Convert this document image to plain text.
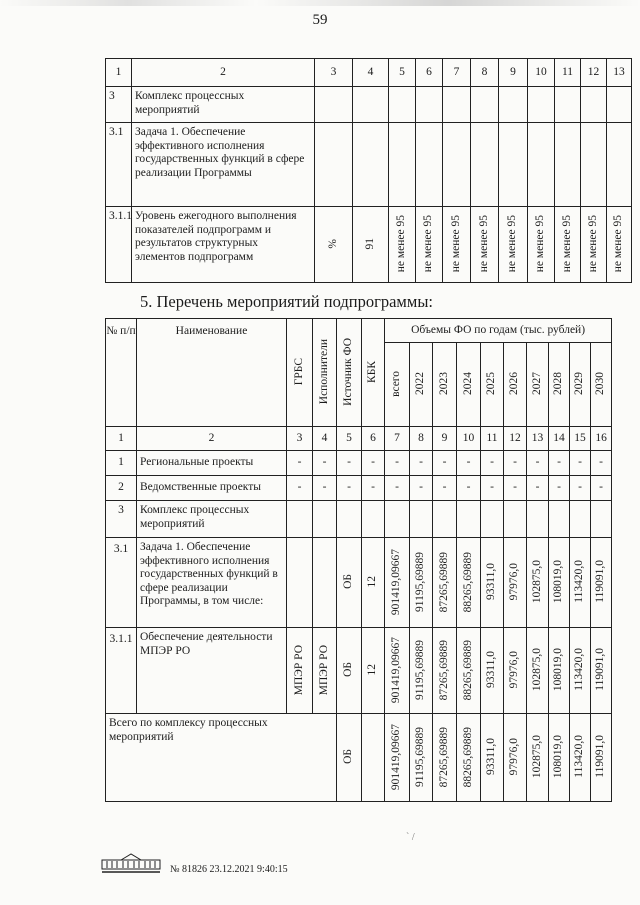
59
1	2	3	4	5	6	7	8	9	10	11	12	13
3	Комплекс процессных мероприятий											
3.1	Задача 1. Обеспечение эффективного исполнения государственных функций в сфере реализации Программы											
3.1.1	Уровень ежегодного выполнения показателей подпрограмм и результатов структурных элементов подпрограмм	%	91	не менее 95	не менее 95	не менее 95	не менее 95	не менее 95	не менее 95	не менее 95	не менее 95	не менее 95
5. Перечень мероприятий подпрограммы:
№ п/п	Наименование	ГРБС	Исполнители	Источник ФО	КБК	Объемы ФО по годам (тыс. рублей)									
						всего	2022	2023	2024	2025	2026	2027	2028	2029	2030
1	2	3	4	5	6	7	8	9	10	11	12	13	14	15	16
1	Региональные проекты	-	-	-	-	-	-	-	-	-	-	-	-	-	-
2	Ведомственные проекты	-	-	-	-	-	-	-	-	-	-	-	-	-	-
3	Комплекс процессных мероприятий														
3.1	Задача 1. Обеспечение эффективного исполнения государственных функций в сфере реализации Программы, в том числе:			ОБ	12	901419,09667	91195,69889	87265,69889	88265,69889	93311,0	97976,0	102875,0	108019,0	113420,0	119091,0
3.1.1	Обеспечение деятельности МПЭР РО	МПЭР РО	МПЭР РО	ОБ	12	901419,09667	91195,69889	87265,69889	88265,69889	93311,0	97976,0	102875,0	108019,0	113420,0	119091,0
Всего по комплексу процессных мероприятий				ОБ		901419,09667	91195,69889	87265,69889	88265,69889	93311,0	97976,0	102875,0	108019,0	113420,0	119091,0
` /
№ 81826 23.12.2021 9:40:15
